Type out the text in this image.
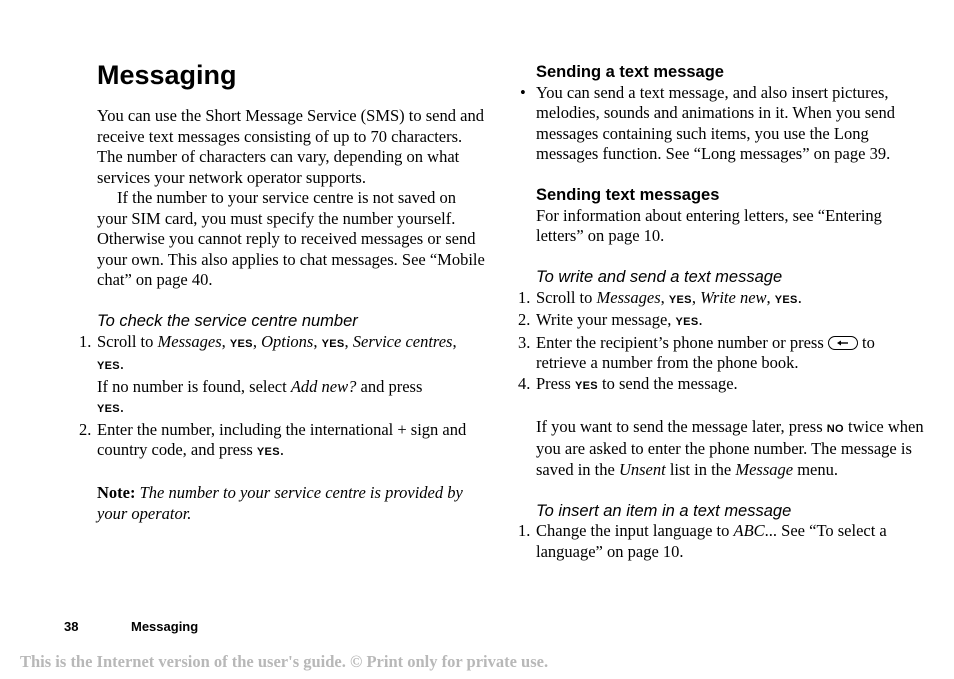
Messaging

You can use the Short Message Service (SMS) to send and receive text messages consisting of up to 70 characters. The number of characters can vary, depending on what services your network operator supports.

If the number to your service centre is not saved on your SIM card, you must specify the number yourself. Otherwise you cannot reply to received messages or send your own. This also applies to chat messages. See “Mobile chat” on page 40.

To check the service centre number
1. Scroll to Messages, YES, Options, YES, Service centres, YES.
If no number is found, select Add new? and press
YES.
2. Enter the number, including the international + sign and country code, and press YES.

Note: The number to your service centre is provided by your operator.

Sending a text message
• You can send a text message, and also insert pictures, melodies, sounds and animations in it. When you send messages containing such items, you use the Long messages function. See “Long messages” on page 39.
Sending text messages

For information about entering letters, see “Entering letters” on page 10.

To write and send a text message
1. Scroll to Messages, YES, Write new, YES.
2. Write your message, YES.
3. Enter the recipient’s phone number or press
to retrieve a number from the phone book.
4. Press YES to send the message.

If you want to send the message later, press NO twice when you are asked to enter the phone number. The message is saved in the Unsent list in the Message menu.

To insert an item in a text message
1. Change the input language to ABC... See “To select a language” on page 10.
38	Messaging
This is the Internet version of the user's guide. © Print only for private use.
